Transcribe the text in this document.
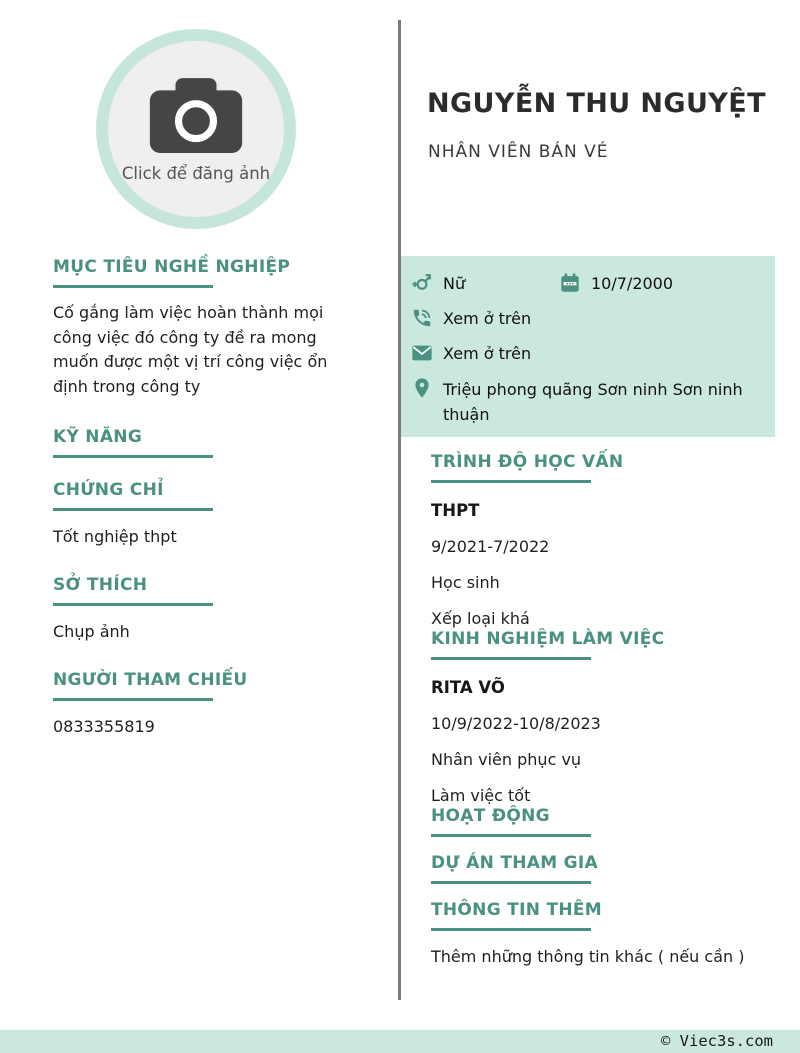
Click để đăng ảnh
MỤC TIÊU NGHỀ NGHIỆP

Cố gắng làm việc hoàn thành mọi công việc đó công ty đề ra mong muốn được một vị trí công việc ổn định trong công ty

KỸ NĂNG
CHỨNG CHỈ
Tốt nghiệp thpt
SỞ THÍCH
Chụp ảnh
NGƯỜI THAM CHIẾU
0833355819
NGUYỄN THU NGUYỆT
NHÂN VIÊN BÁN VÉ
Nữ	10/7/2000
Xem ở trên
Xem ở trên
Triệu phong quãng Sơn ninh Sơn ninh thuận
TRÌNH ĐỘ HỌC VẤN
THPT
9/2021-7/2022
Học sinh
Xếp loại khá
KINH NGHIỆM LÀM VIỆC
RITA VÕ
10/9/2022-10/8/2023
Nhân viên phục vụ
Làm việc tốt
HOẠT ĐỘNG
DỰ ÁN THAM GIA
THÔNG TIN THÊM
Thêm những thông tin khác ( nếu cần )
© Viec3s.com
